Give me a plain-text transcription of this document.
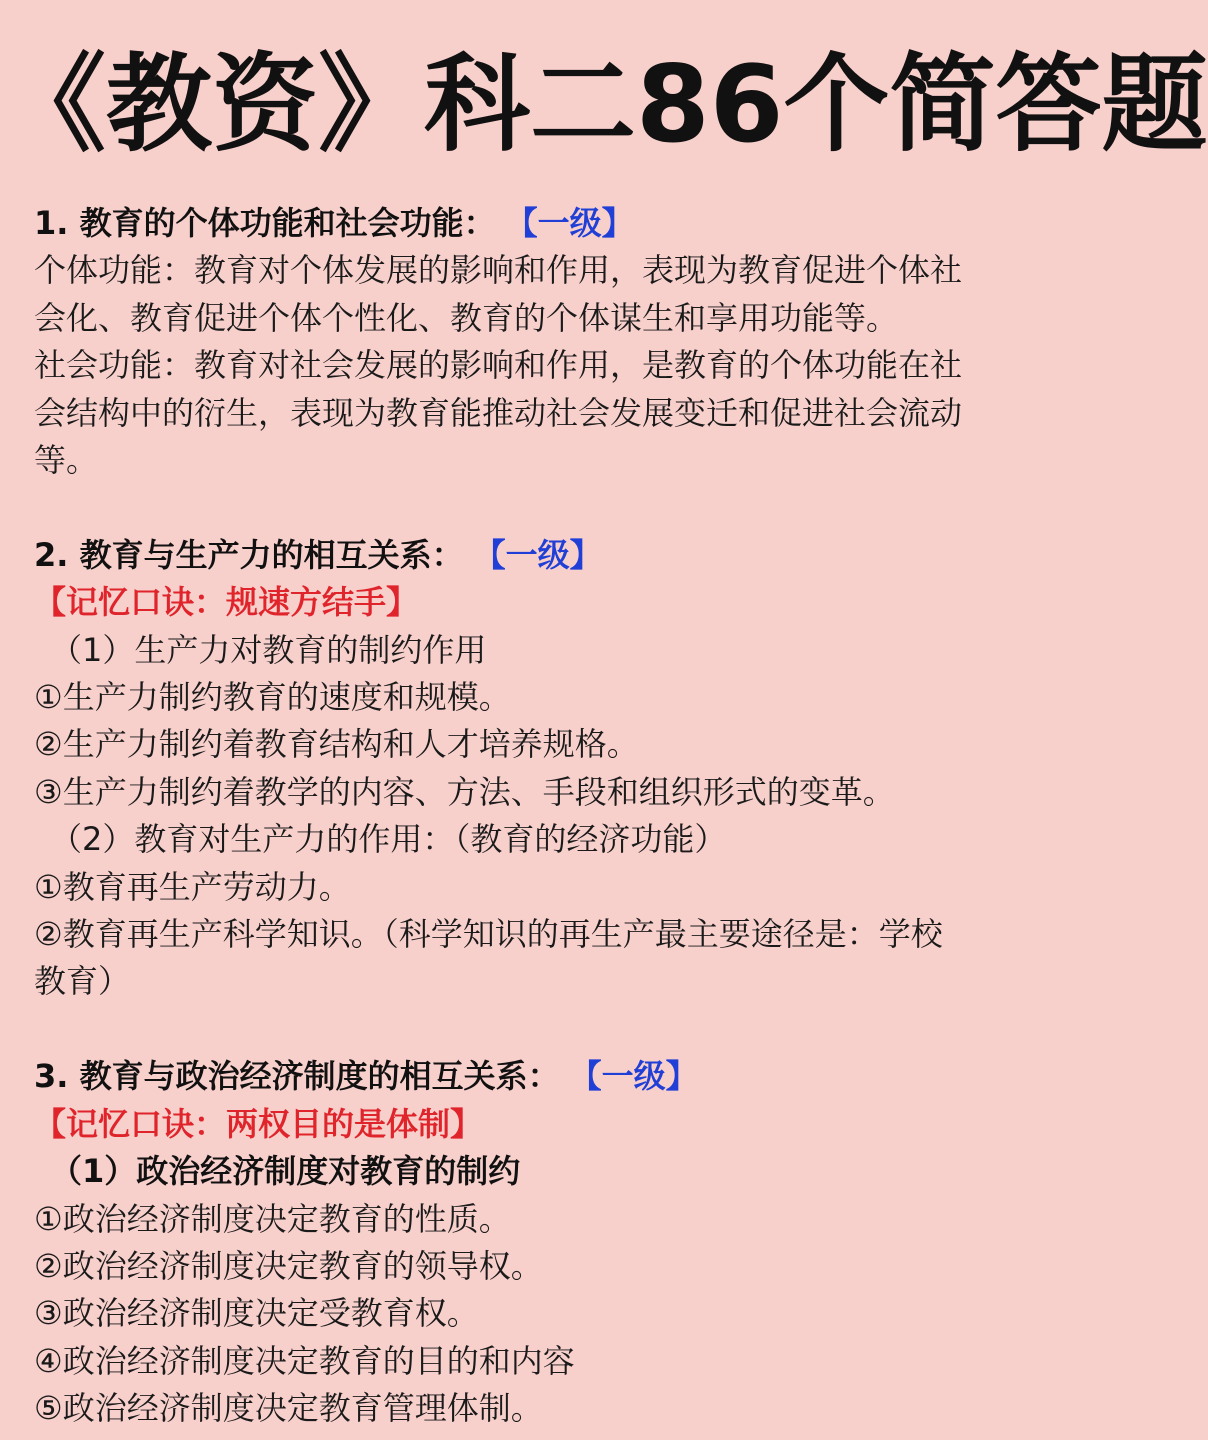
《教资》科二86个简答题
1. 教育的个体功能和社会功能： 【一级】
个体功能：教育对个体发展的影响和作用，表现为教育促进个体社
会化、教育促进个体个性化、教育的个体谋生和享用功能等。
社会功能：教育对社会发展的影响和作用，是教育的个体功能在社
会结构中的衍生，表现为教育能推动社会发展变迁和促进社会流动
等。
2. 教育与生产力的相互关系： 【一级】
【记忆口诀：规速方结手】
（1）生产力对教育的制约作用
①生产力制约教育的速度和规模。
②生产力制约着教育结构和人才培养规格。
③生产力制约着教学的内容、方法、手段和组织形式的变革。
（2）教育对生产力的作用：（教育的经济功能）
①教育再生产劳动力。
②教育再生产科学知识。（科学知识的再生产最主要途径是：学校
教育）
3. 教育与政治经济制度的相互关系： 【一级】
【记忆口诀：两权目的是体制】
（1）政治经济制度对教育的制约
①政治经济制度决定教育的性质。
②政治经济制度决定教育的领导权。
③政治经济制度决定受教育权。
④政治经济制度决定教育的目的和内容
⑤政治经济制度决定教育管理体制。
